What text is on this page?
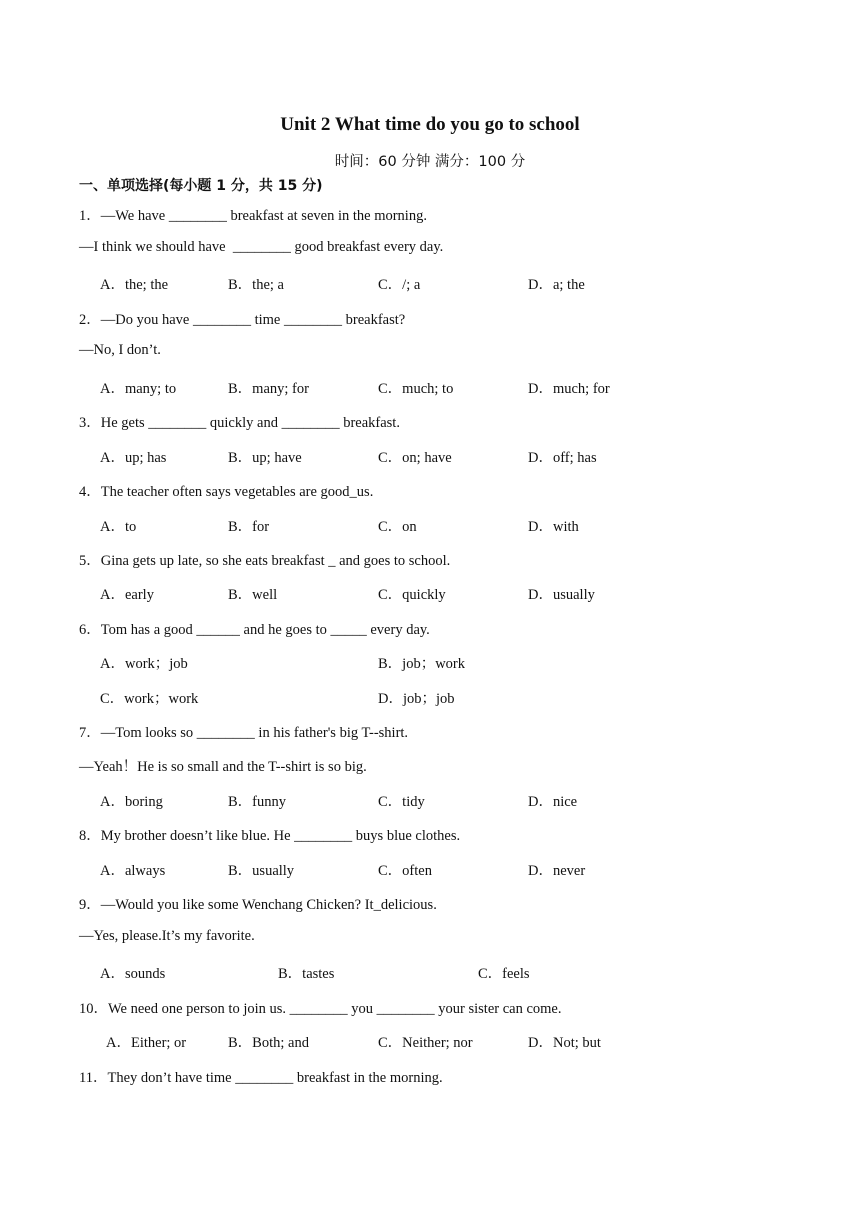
Unit 2 What time do you go to school
时间：60 分钟 满分：100 分
一、单项选择(每小题 1 分，共 15 分)
1．—We have ________ breakfast at seven in the morning.
—I think we should have  ________ good breakfast every day.
A．the; the	B．the; a	C．/; a	D．a; the
2．—Do you have ________ time ________ breakfast?
—No, I don’t.
A．many; to	B．many; for	C．much; to	D．much; for
3．He gets ________ quickly and ________ breakfast.
A．up; has	B．up; have	C．on; have	D．off; has
4．The teacher often says vegetables are good_us.
A．to	B．for	C．on	D．with
5．Gina gets up late, so she eats breakfast _ and goes to school.
A．early	B．well	C．quickly	D．usually
6．Tom has a good ______ and he goes to _____ every day.
A．work；job	B．job；work
C．work；work	D．job；job
7．—Tom looks so ________ in his father's big T--shirt.
—Yeah！He is so small and the T--shirt is so big.
A．boring	B．funny	C．tidy	D．nice
8．My brother doesn’t like blue. He ________ buys blue clothes.
A．always	B．usually	C．often	D．never
9．—Would you like some Wenchang Chicken? It_delicious.
—Yes, please.It’s my favorite.
A．sounds	B．tastes	C．feels
10．We need one person to join us. ________ you ________ your sister can come.
A．Either; or	B．Both; and	C．Neither; nor	D．Not; but
11．They don’t have time ________ breakfast in the morning.
